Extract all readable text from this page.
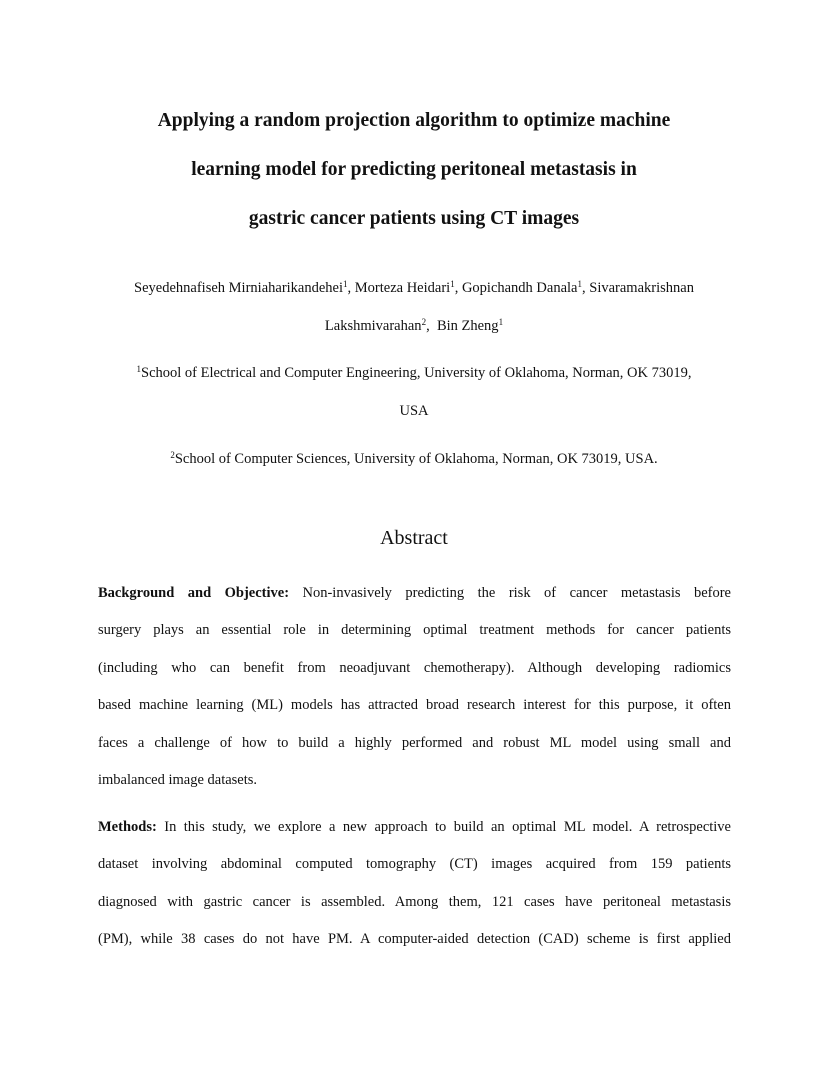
Applying a random projection algorithm to optimize machine
learning model for predicting peritoneal metastasis in
gastric cancer patients using CT images
Seyedehnafiseh Mirniaharikandehei$^1$, Morteza Heidari$^1$, Gopichandh Danala$^1$, Sivaramakrishnan
Lakshmivarahan$^2$,  Bin Zheng$^1$
$^1$School of Electrical and Computer Engineering, University of Oklahoma, Norman, OK 73019,
USA
$^2$School of Computer Sciences, University of Oklahoma, Norman, OK 73019, USA.
Abstract

Background and Objective: Non-invasively predicting the risk of cancer metastasis before
surgery plays an essential role in determining optimal treatment methods for cancer patients
(including who can benefit from neoadjuvant chemotherapy). Although developing radiomics
based machine learning (ML) models has attracted broad research interest for this purpose, it often
faces a challenge of how to build a highly performed and robust ML model using small and
imbalanced image datasets.

Methods: In this study, we explore a new approach to build an optimal ML model. A retrospective
dataset involving abdominal computed tomography (CT) images acquired from 159 patients
diagnosed with gastric cancer is assembled. Among them, 121 cases have peritoneal metastasis
(PM), while 38 cases do not have PM. A computer-aided detection (CAD) scheme is first applied
